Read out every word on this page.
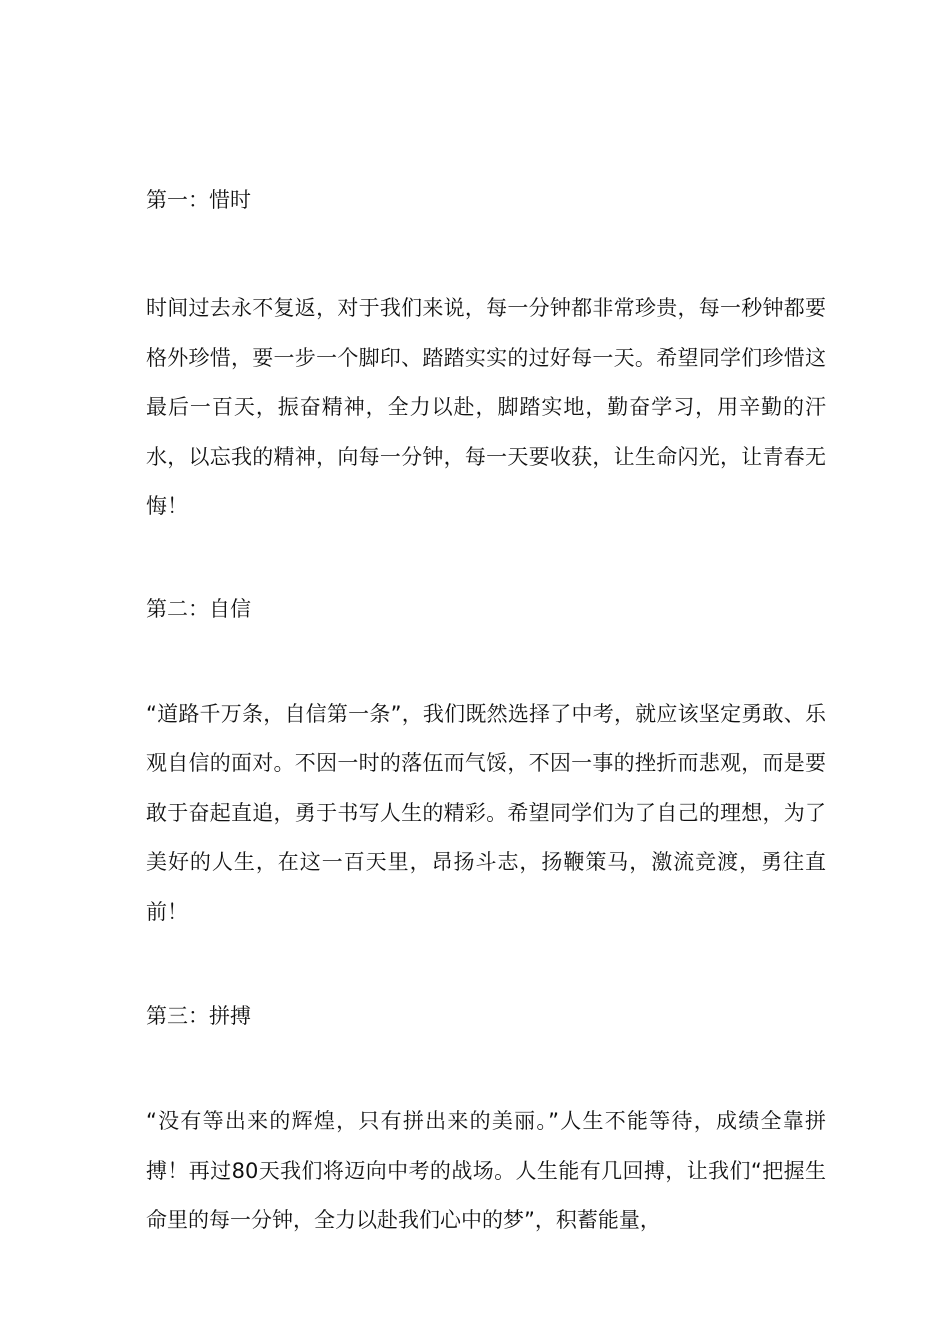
第一：惜时

时间过去永不复返，对于我们来说，每一分钟都非常珍贵，每一秒钟都要格外珍惜，要一步一个脚印、踏踏实实的过好每一天。希望同学们珍惜这最后一百天，振奋精神，全力以赴，脚踏实地，勤奋学习，用辛勤的汗水，以忘我的精神，向每一分钟，每一天要收获，让生命闪光，让青春无悔！

第二：自信

“道路千万条，自信第一条”，我们既然选择了中考，就应该坚定勇敢、乐观自信的面对。不因一时的落伍而气馁，不因一事的挫折而悲观，而是要敢于奋起直追，勇于书写人生的精彩。希望同学们为了自己的理想，为了美好的人生，在这一百天里，昂扬斗志，扬鞭策马，激流竞渡，勇往直前！

第三：拼搏

“没有等出来的辉煌，只有拼出来的美丽。”人生不能等待，成绩全靠拼搏！再过80天我们将迈向中考的战场。人生能有几回搏，让我们“把握生命里的每一分钟，全力以赴我们心中的梦”，积蓄能量，
